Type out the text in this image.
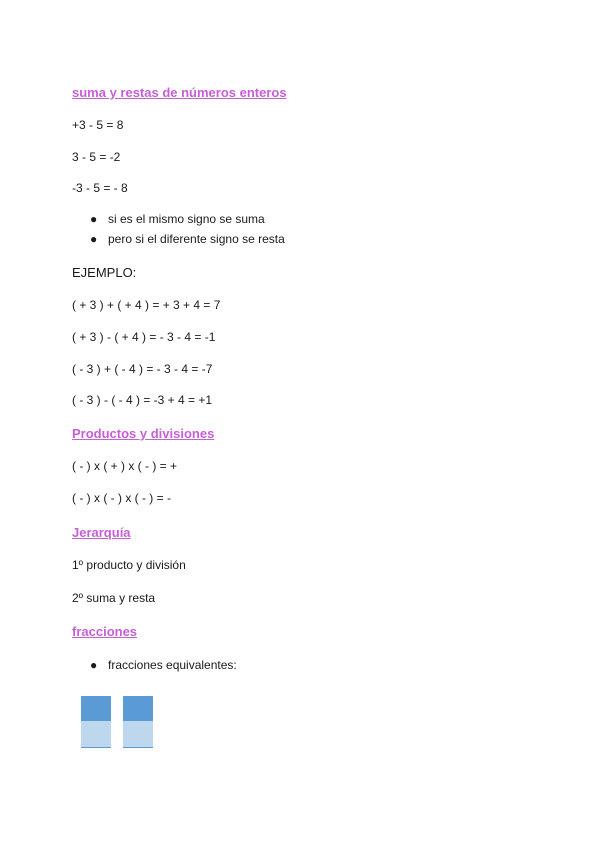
suma y restas de números enteros
+3 - 5 = 8
3 - 5 = -2
-3 - 5 = - 8
● si es el mismo signo se suma
● pero si el diferente signo se resta
EJEMPLO:
( + 3 ) + ( + 4 ) = + 3 + 4 = 7
( + 3 ) - ( + 4 ) = - 3 - 4 = -1
( - 3 ) + ( - 4 ) = - 3 - 4 = -7
( - 3 ) - ( - 4 ) = -3 + 4 = +1
Productos y divisiones
( - ) x ( + ) x ( - ) = +
( - ) x ( - ) x ( - ) = -
Jerarquía
1º producto y división
2º suma y resta
fracciones
● fracciones equivalentes:
